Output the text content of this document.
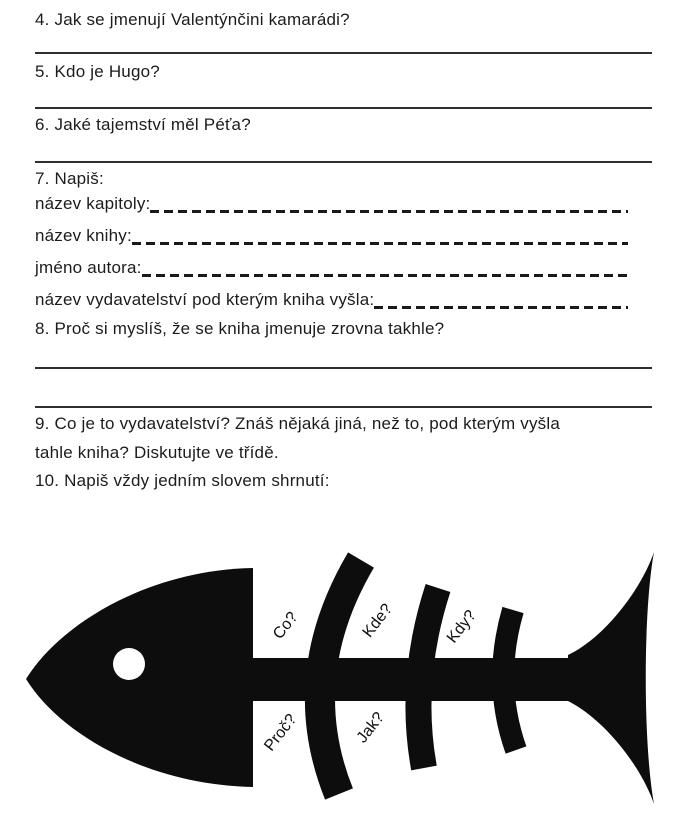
4. Jak se jmenují Valentýnčini kamarádi?
5. Kdo je Hugo?
6. Jaké tajemství měl Péťa?
7. Napiš:
název kapitoly:
název knihy:
jméno autora:
název vydavatelství pod kterým kniha vyšla:
8. Proč si myslíš, že se kniha jmenuje zrovna takhle?
9. Co je to vydavatelství? Znáš nějaká jiná, než to, pod kterým vyšla
tahle kniha? Diskutujte ve třídě.
10. Napiš vždy jedním slovem shrnutí:
Co?	Kde?	Kdy?
Proč?	Jak?
